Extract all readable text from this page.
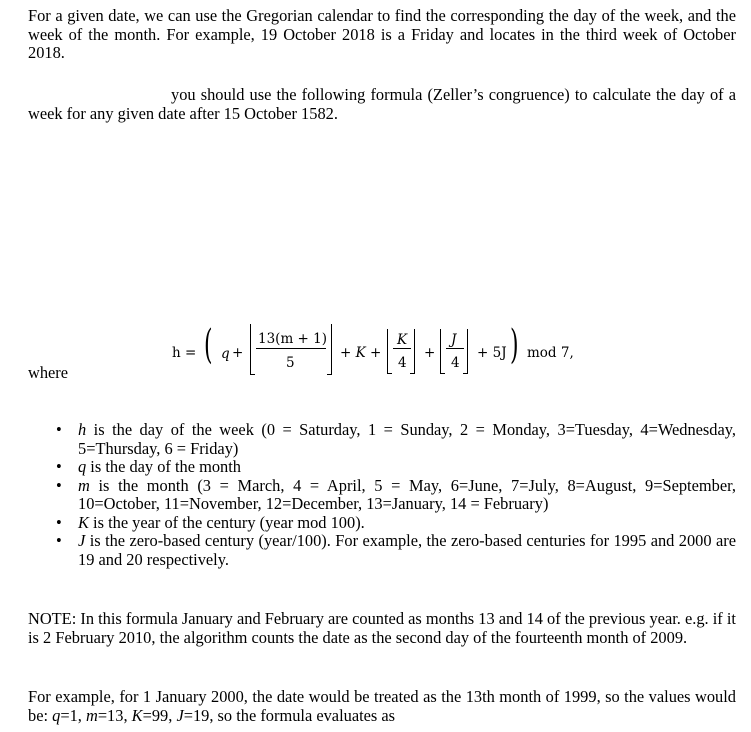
For a given date, we can use the Gregorian calendar to find the corresponding the day of the week, and the week of the month. For example, 19 October 2018 is a Friday and locates in the third week of October 2018.

you should use the following formula (Zeller’s congruence) to calculate the day of a week for any given date after 15 October 1582.

h = ( q +
13(m + 1)
5
+ K +
K
4
+
J
4
+ 5J ) mod 7,

where

• h is the day of the week (0 = Saturday, 1 = Sunday, 2 = Monday, 3=Tuesday, 4=Wednesday, 5=Thursday, 6 = Friday)
• q is the day of the month
• m is the month (3 = March, 4 = April, 5 = May, 6=June, 7=July, 8=August, 9=September, 10=October, 11=November, 12=December, 13=January, 14 = February)
• K is the year of the century (year mod 100).
• J is the zero-based century (year/100). For example, the zero-based centuries for 1995 and 2000 are 19 and 20 respectively.

NOTE: In this formula January and February are counted as months 13 and 14 of the previous year. e.g. if it is 2 February 2010, the algorithm counts the date as the second day of the fourteenth month of 2009.

For example, for 1 January 2000, the date would be treated as the 13th month of 1999, so the values would be: q=1, m=13, K=99, J=19, so the formula evaluates as
